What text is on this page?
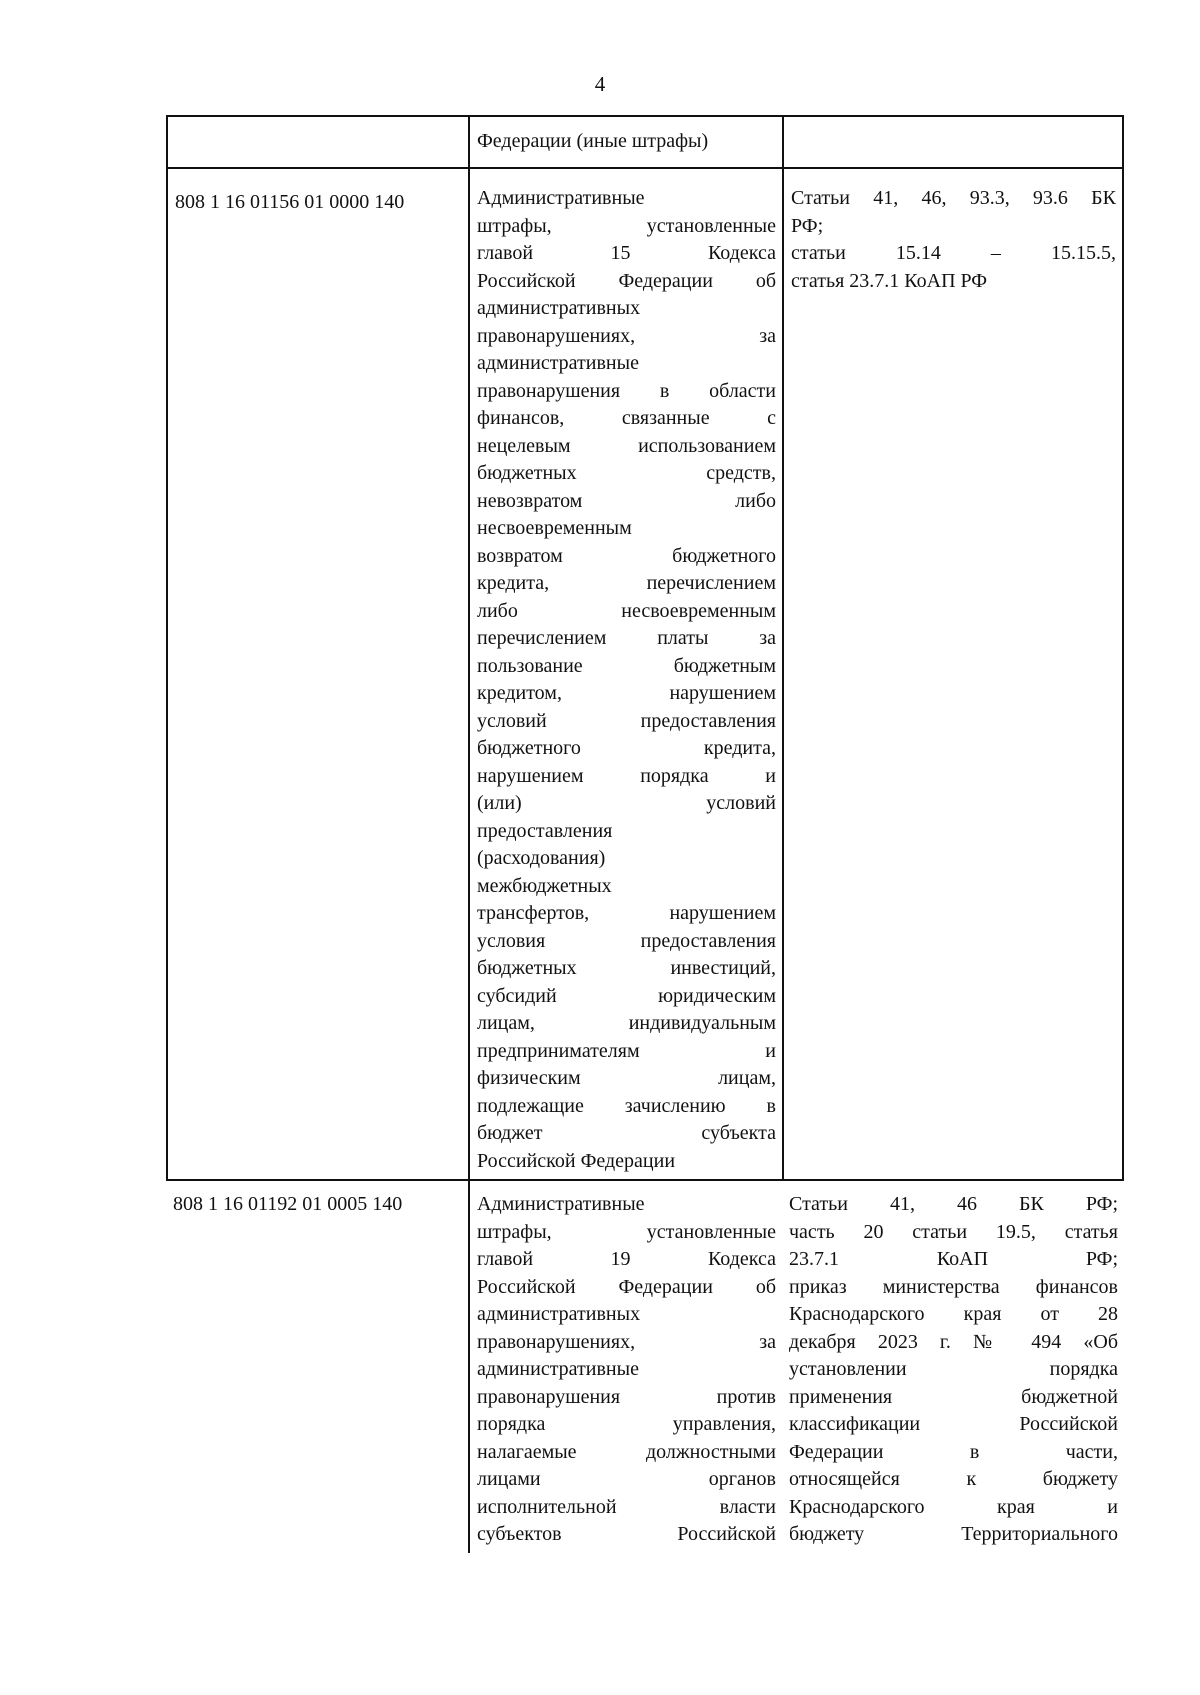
4
Федерации (иные штрафы)
808 1 16 01156 01 0000 140	Административные
штрафы, установленные
главой 15 Кодекса
Российской Федерации об
административных
правонарушениях, за
административные
правонарушения в области
финансов, связанные с
нецелевым использованием
бюджетных средств,
невозвратом либо
несвоевременным
возвратом бюджетного
кредита, перечислением
либо несвоевременным
перечислением платы за
пользование бюджетным
кредитом, нарушением
условий предоставления
бюджетного кредита,
нарушением порядка и
(или) условий
предоставления
(расходования)
межбюджетных
трансфертов, нарушением
условия предоставления
бюджетных инвестиций,
субсидий юридическим
лицам, индивидуальным
предпринимателям и
физическим лицам,
подлежащие зачислению в
бюджет субъекта
Российской Федерации
Статьи 41, 46, 93.3, 93.6 БК
РФ;
статьи 15.14 – 15.15.5,
статья 23.7.1 КоАП РФ
808 1 16 01192 01 0005 140	Административные
штрафы, установленные
главой 19 Кодекса
Российской Федерации об
административных
правонарушениях, за
административные
правонарушения против
порядка управления,
налагаемые должностными
лицами органов
исполнительной власти
субъектов Российской
Статьи 41, 46 БК РФ;
часть 20 статьи 19.5, статья
23.7.1 КоАП РФ;
приказ министерства финансов
Краснодарского края от 28
декабря 2023 г. № 494 «Об
установлении порядка
применения бюджетной
классификации Российской
Федерации в части,
относящейся к бюджету
Краснодарского края и
бюджету Территориального
